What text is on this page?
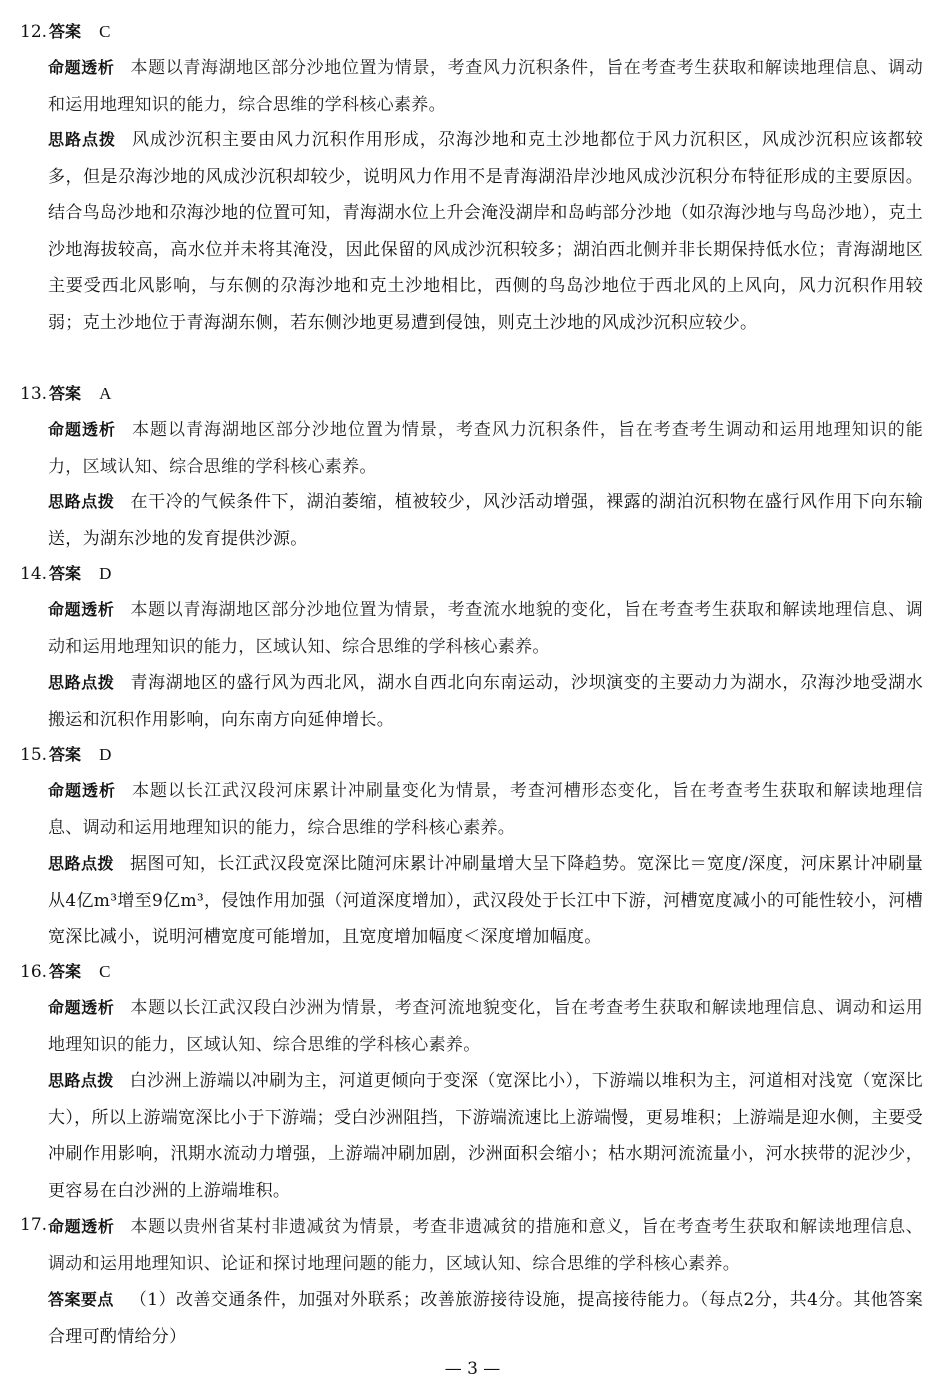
12. 答案 C
命题透析 本题以青海湖地区部分沙地位置为情景，考查风力沉积条件，旨在考查考生获取和解读地理信息、调动和运用地理知识的能力，综合思维的学科核心素养。
思路点拨 风成沙沉积主要由风力沉积作用形成，尕海沙地和克土沙地都位于风力沉积区，风成沙沉积应该都较多，但是尕海沙地的风成沙沉积却较少，说明风力作用不是青海湖沿岸沙地风成沙沉积分布特征形成的主要原因。结合鸟岛沙地和尕海沙地的位置可知，青海湖水位上升会淹没湖岸和岛屿部分沙地（如尕海沙地与鸟岛沙地），克土沙地海拔较高，高水位并未将其淹没，因此保留的风成沙沉积较多；湖泊西北侧并非长期保持低水位；青海湖地区主要受西北风影响，与东侧的尕海沙地和克土沙地相比，西侧的鸟岛沙地位于西北风的上风向，风力沉积作用较弱；克土沙地位于青海湖东侧，若东侧沙地更易遭到侵蚀，则克土沙地的风成沙沉积应较少。
13. 答案 A
命题透析 本题以青海湖地区部分沙地位置为情景，考查风力沉积条件，旨在考查考生调动和运用地理知识的能力，区域认知、综合思维的学科核心素养。
思路点拨 在干冷的气候条件下，湖泊萎缩，植被较少，风沙活动增强，裸露的湖泊沉积物在盛行风作用下向东输送，为湖东沙地的发育提供沙源。
14. 答案 D
命题透析 本题以青海湖地区部分沙地位置为情景，考查流水地貌的变化，旨在考查考生获取和解读地理信息、调动和运用地理知识的能力，区域认知、综合思维的学科核心素养。
思路点拨 青海湖地区的盛行风为西北风，湖水自西北向东南运动，沙坝演变的主要动力为湖水，尕海沙地受湖水搬运和沉积作用影响，向东南方向延伸增长。
15. 答案 D
命题透析 本题以长江武汉段河床累计冲刷量变化为情景，考查河槽形态变化，旨在考查考生获取和解读地理信息、调动和运用地理知识的能力，综合思维的学科核心素养。
思路点拨 据图可知，长江武汉段宽深比随河床累计冲刷量增大呈下降趋势。宽深比＝宽度/深度，河床累计冲刷量从4亿m³增至9亿m³，侵蚀作用加强（河道深度增加），武汉段处于长江中下游，河槽宽度减小的可能性较小，河槽宽深比减小，说明河槽宽度可能增加，且宽度增加幅度＜深度增加幅度。
16. 答案 C
命题透析 本题以长江武汉段白沙洲为情景，考查河流地貌变化，旨在考查考生获取和解读地理信息、调动和运用地理知识的能力，区域认知、综合思维的学科核心素养。
思路点拨 白沙洲上游端以冲刷为主，河道更倾向于变深（宽深比小），下游端以堆积为主，河道相对浅宽（宽深比大），所以上游端宽深比小于下游端；受白沙洲阻挡，下游端流速比上游端慢，更易堆积；上游端是迎水侧，主要受冲刷作用影响，汛期水流动力增强，上游端冲刷加剧，沙洲面积会缩小；枯水期河流流量小，河水挟带的泥沙少，更容易在白沙洲的上游端堆积。
17. 命题透析 本题以贵州省某村非遗减贫为情景，考查非遗减贫的措施和意义，旨在考查考生获取和解读地理信息、调动和运用地理知识、论证和探讨地理问题的能力，区域认知、综合思维的学科核心素养。
答案要点 （1）改善交通条件，加强对外联系；改善旅游接待设施，提高接待能力。（每点2分，共4分。其他答案合理可酌情给分）
— 3 —
